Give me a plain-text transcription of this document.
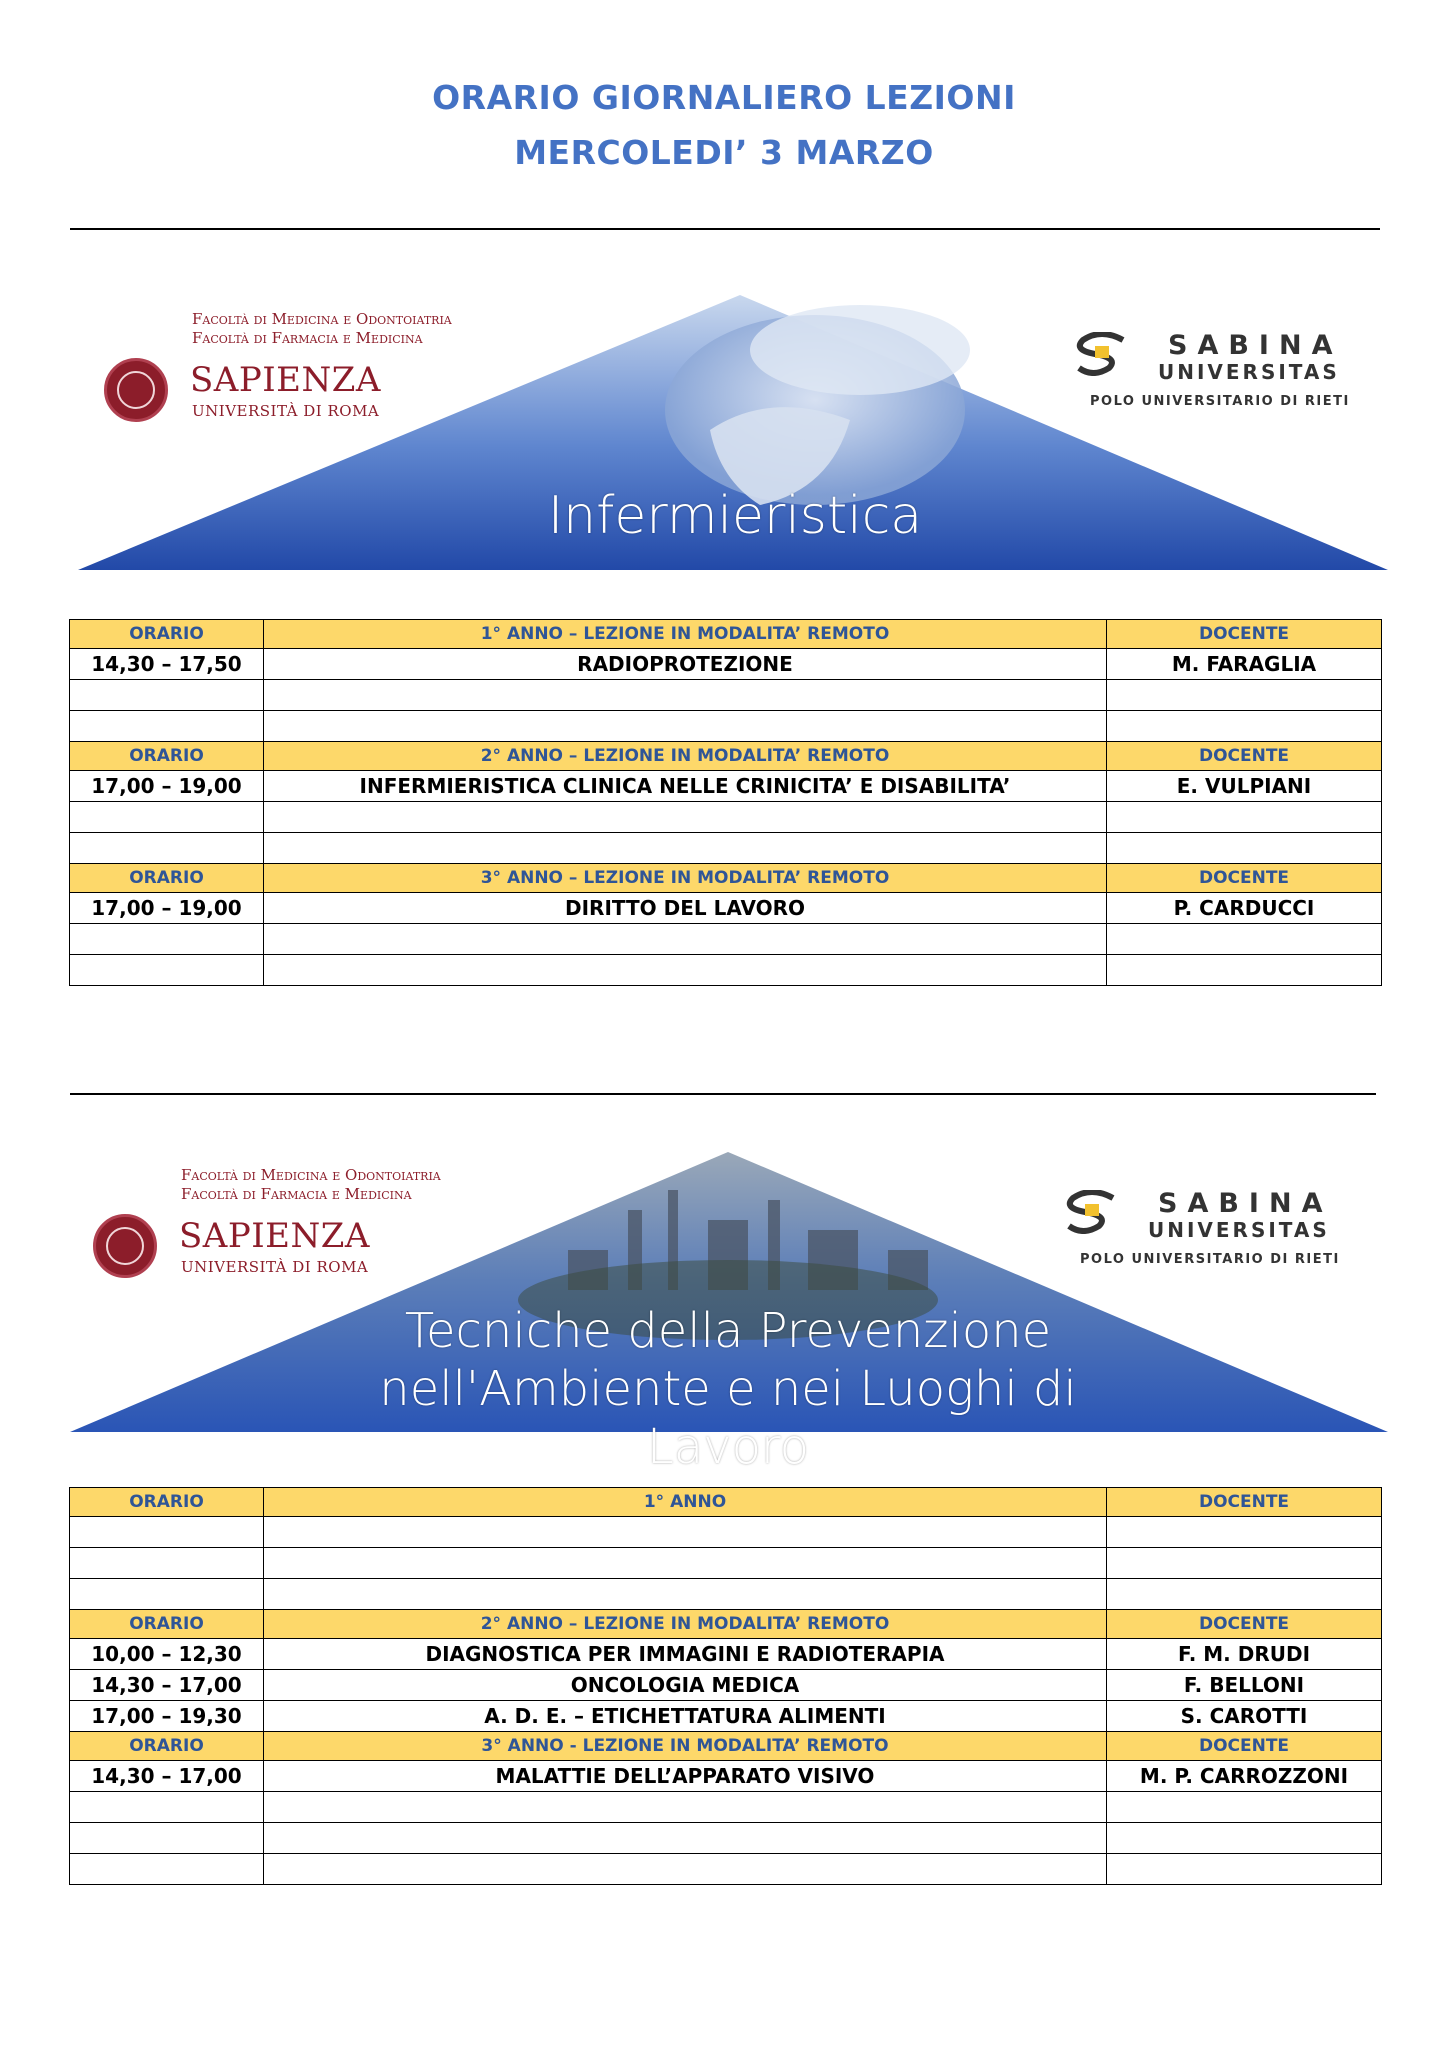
ORARIO GIORNALIERO LEZIONI
MERCOLEDI’ 3 MARZO
Facoltà di Medicina e Odontoiatria
Facoltà di Farmacia e Medicina
SAPIENZA
UNIVERSITÀ DI ROMA
SABINA
UNIVERSITAS
POLO UNIVERSITARIO DI RIETI
Infermieristica
ORARIO	1° ANNO – LEZIONE IN MODALITA’ REMOTO	DOCENTE
14,30 – 17,50	RADIOPROTEZIONE	M. FARAGLIA

ORARIO	2° ANNO – LEZIONE IN MODALITA’ REMOTO	DOCENTE
17,00 – 19,00	INFERMIERISTICA CLINICA NELLE CRINICITA’ E DISABILITA’	E. VULPIANI

ORARIO	3° ANNO – LEZIONE IN MODALITA’ REMOTO	DOCENTE
17,00 – 19,00	DIRITTO DEL LAVORO	P. CARDUCCI

Facoltà di Medicina e Odontoiatria
Facoltà di Farmacia e Medicina
SAPIENZA
UNIVERSITÀ DI ROMA
SABINA
UNIVERSITAS
POLO UNIVERSITARIO DI RIETI
Tecniche della Prevenzione
nell'Ambiente e nei Luoghi di Lavoro
ORARIO	1° ANNO	DOCENTE

ORARIO	2° ANNO – LEZIONE IN MODALITA’ REMOTO	DOCENTE
10,00 – 12,30	DIAGNOSTICA PER IMMAGINI E RADIOTERAPIA	F. M. DRUDI
14,30 – 17,00	ONCOLOGIA MEDICA	F. BELLONI
17,00 – 19,30	A. D. E. – ETICHETTATURA ALIMENTI	S. CAROTTI
ORARIO	3° ANNO - LEZIONE IN MODALITA’ REMOTO	DOCENTE
14,30 – 17,00	MALATTIE DELL’APPARATO VISIVO	M. P. CARROZZONI
